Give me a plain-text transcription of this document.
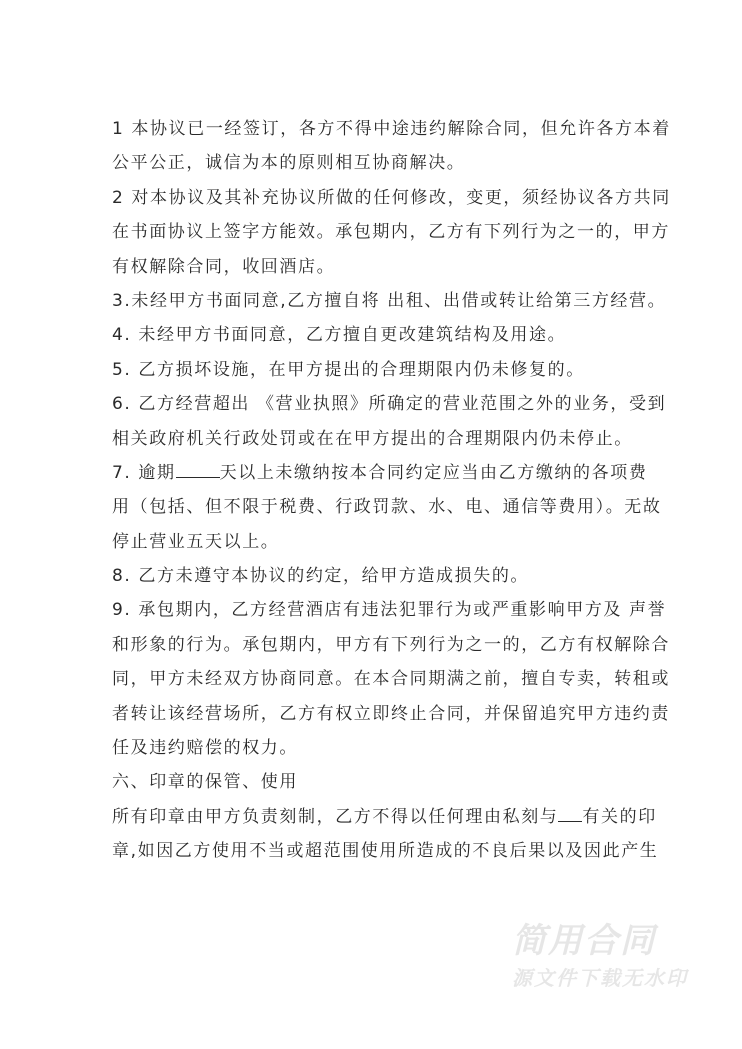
1 本协议已一经签订，各方不得中途违约解除合同，但允许各方本着
公平公正，诚信为本的原则相互协商解决。
2 对本协议及其补充协议所做的任何修改，变更，须经协议各方共同
在书面协议上签字方能效。承包期内，乙方有下列行为之一的，甲方
有权解除合同，收回酒店。
3.未经甲方书面同意,乙方擅自将 出租、出借或转让给第三方经营。
4. 未经甲方书面同意，乙方擅自更改建筑结构及用途。
5. 乙方损坏设施，在甲方提出的合理期限内仍未修复的。
6. 乙方经营超出 《营业执照》所确定的营业范围之外的业务，受到
相关政府机关行政处罚或在在甲方提出的合理期限内仍未停止。
7. 逾期	天以上未缴纳按本合同约定应当由乙方缴纳的各项费
用（包括、但不限于税费、行政罚款、水、电、通信等费用）。无故
停止营业五天以上。
8. 乙方未遵守本协议的约定，给甲方造成损失的。
9. 承包期内，乙方经营酒店有违法犯罪行为或严重影响甲方及 声誉
和形象的行为。承包期内，甲方有下列行为之一的，乙方有权解除合
同，甲方未经双方协商同意。在本合同期满之前，擅自专卖，转租或
者转让该经营场所，乙方有权立即终止合同，并保留追究甲方违约责
任及违约赔偿的权力。
六、印章的保管、使用
所有印章由甲方负责刻制，乙方不得以任何理由私刻与 有关的印
章,如因乙方使用不当或超范围使用所造成的不良后果以及因此产生
简用合同
源文件下载无水印
